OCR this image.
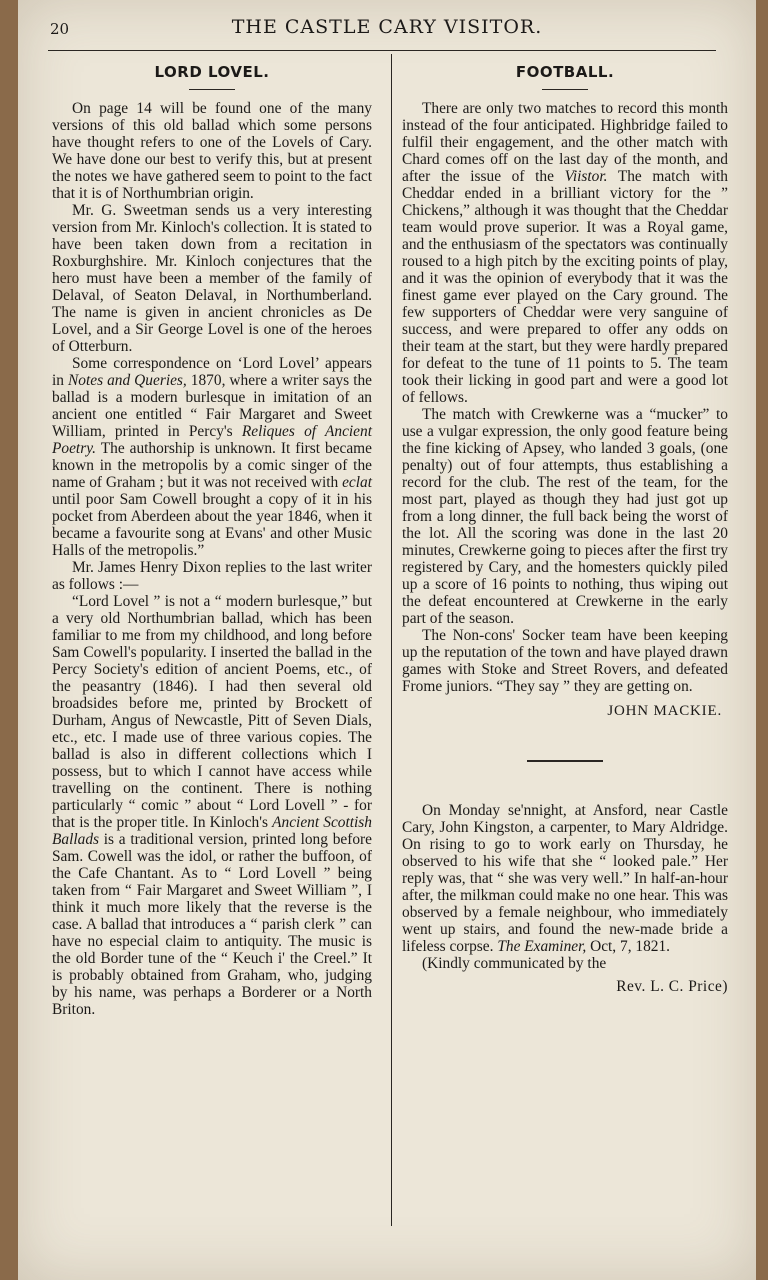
20	THE CASTLE CARY VISITOR.
LORD LOVEL.

On page 14 will be found one of the many versions of this old ballad which some persons have thought refers to one of the Lovels of Cary. We have done our best to verify this, but at present the notes we have gathered seem to point to the fact that it is of Northumbrian origin.

Mr. G. Sweetman sends us a very interesting version from Mr. Kinloch's collection. It is stated to have been taken down from a recitation in Roxburghshire. Mr. Kinloch conjectures that the hero must have been a member of the family of Delaval, of Seaton Delaval, in Northumberland. The name is given in ancient chronicles as De Lovel, and a Sir George Lovel is one of the heroes of Otterburn.

Some correspondence on ‘Lord Lovel’ appears in Notes and Queries, 1870, where a writer says the ballad is a modern burlesque in imitation of an ancient one entitled “ Fair Margaret and Sweet William, printed in Percy's Reliques of Ancient Poetry. The authorship is unknown. It first became known in the metropolis by a comic singer of the name of Graham ; but it was not received with eclat until poor Sam Cowell brought a copy of it in his pocket from Aberdeen about the year 1846, when it became a favourite song at Evans' and other Music Halls of the metropolis.”

Mr. James Henry Dixon replies to the last writer as follows :—

“Lord Lovel ” is not a “ modern burlesque,” but a very old Northumbrian ballad, which has been familiar to me from my childhood, and long before Sam Cowell's popularity. I inserted the ballad in the Percy Society's edition of ancient Poems, etc., of the peasantry (1846). I had then several old broadsides before me, printed by Brockett of Durham, Angus of Newcastle, Pitt of Seven Dials, etc., etc. I made use of three various copies. The ballad is also in different collections which I possess, but to which I cannot have access while travelling on the continent. There is nothing particularly “ comic ” about “ Lord Lovell ” - for that is the proper title. In Kinloch's Ancient Scottish Ballads is a traditional version, printed long before Sam. Cowell was the idol, or rather the buffoon, of the Cafe Chantant. As to “ Lord Lovell ” being taken from “ Fair Margaret and Sweet William ”, I think it much more likely that the reverse is the case. A ballad that introduces a “ parish clerk ” can have no especial claim to antiquity. The music is the old Border tune of the “ Keuch i' the Creel.” It is probably obtained from Graham, who, judging by his name, was perhaps a Borderer or a North Briton.

FOOTBALL.

There are only two matches to record this month instead of the four anticipated. Highbridge failed to fulfil their engagement, and the other match with Chard comes off on the last day of the month, and after the issue of the Viistor. The match with Cheddar ended in a brilliant victory for the ” Chickens,” although it was thought that the Cheddar team would prove superior. It was a Royal game, and the enthusiasm of the spectators was continually roused to a high pitch by the exciting points of play, and it was the opinion of everybody that it was the finest game ever played on the Cary ground. The few supporters of Cheddar were very sanguine of success, and were prepared to offer any odds on their team at the start, but they were hardly prepared for defeat to the tune of 11 points to 5. The team took their licking in good part and were a good lot of fellows.

The match with Crewkerne was a “mucker” to use a vulgar expression, the only good feature being the fine kicking of Apsey, who landed 3 goals, (one penalty) out of four attempts, thus establishing a record for the club. The rest of the team, for the most part, played as though they had just got up from a long dinner, the full back being the worst of the lot. All the scoring was done in the last 20 minutes, Crewkerne going to pieces after the first try registered by Cary, and the homesters quickly piled up a score of 16 points to nothing, thus wiping out the defeat encountered at Crewkerne in the early part of the season.

The Non-cons' Socker team have been keeping up the reputation of the town and have played drawn games with Stoke and Street Rovers, and defeated Frome juniors. “They say ” they are getting on.

JOHN MACKIE.

On Monday se'nnight, at Ansford, near Castle Cary, John Kingston, a carpenter, to Mary Aldridge. On rising to go to work early on Thursday, he observed to his wife that she “ looked pale.” Her reply was, that “ she was very well.” In half-an-hour after, the milkman could make no one hear. This was observed by a female neighbour, who immediately went up stairs, and found the new-made bride a lifeless corpse. The Examiner, Oct, 7, 1821.

(Kindly communicated by the

Rev. L. C. Price)
